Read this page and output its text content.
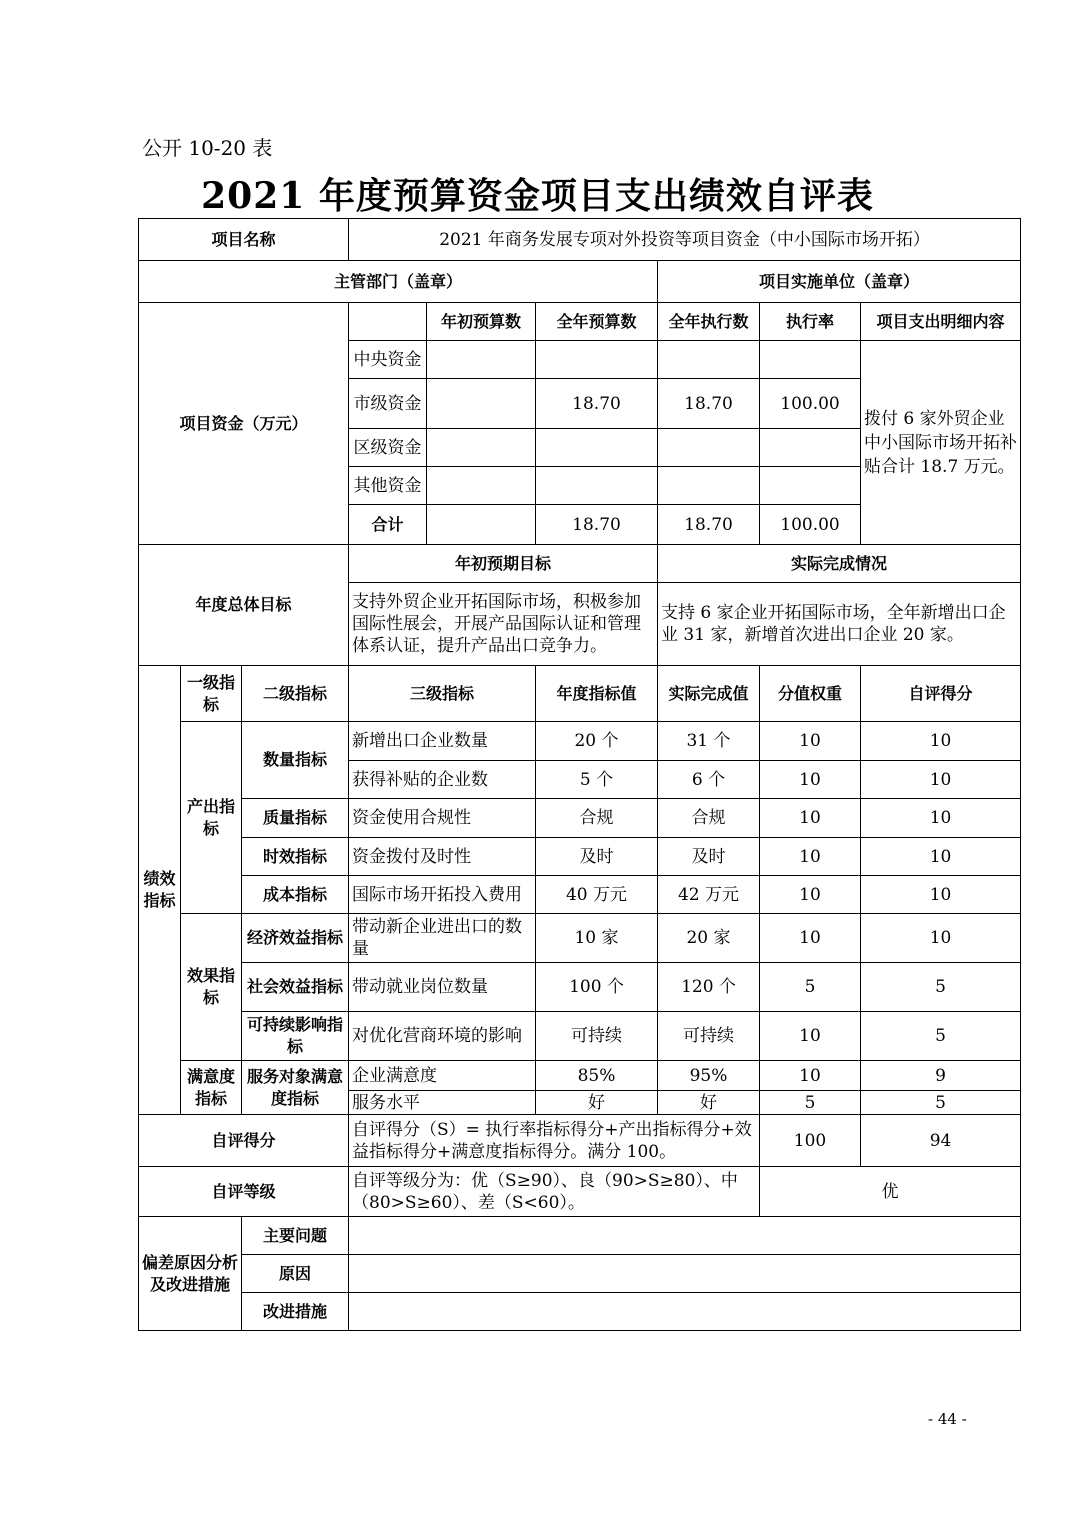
公开 10-20 表
2021 年度预算资金项目支出绩效自评表
项目名称			2021 年商务发展专项对外投资等项目资金（中小国际市场开拓）					
主管部门（盖章）						项目实施单位（盖章）		
项目资金（万元）				年初预算数	全年预算数	全年执行数	执行率	项目支出明细内容
			中央资金					拨付 6 家外贸企业中小国际市场开拓补贴合计 18.7 万元。
			市级资金		18.70	18.70	100.00	
			区级资金					
			其他资金					
			合计		18.70	18.70	100.00	
年度总体目标			年初预期目标			实际完成情况		
			支持外贸企业开拓国际市场，积极参加国际性展会，开展产品国际认证和管理体系认证，提升产品出口竞争力。			支持 6 家企业开拓国际市场，全年新增出口企业 31 家，新增首次进出口企业 20 家。		
绩效指标	一级指标	二级指标	三级指标		年度指标值	实际完成值	分值权重	自评得分
	产出指标	数量指标	新增出口企业数量		20 个	31 个	10	10
			获得补贴的企业数		5 个	6 个	10	10
		质量指标	资金使用合规性		合规	合规	10	10
		时效指标	资金拨付及时性		及时	及时	10	10
		成本指标	国际市场开拓投入费用		40 万元	42 万元	10	10
	效果指标	经济效益指标	带动新企业进出口的数量		10 家	20 家	10	10
		社会效益指标	带动就业岗位数量		100 个	120 个	5	5
		可持续影响指标	对优化营商环境的影响		可持续	可持续	10	5
	满意度指标	服务对象满意度指标	企业满意度		85%	95%	10	9
			服务水平		好	好	5	5
自评得分			自评得分（S）= 执行率指标得分+产出指标得分+效益指标得分+满意度指标得分。满分 100。				100	94
自评等级			自评等级分为：优（S≥90）、良（90>S≥80）、中（80>S≥60）、差（S<60）。				优	
偏差原因分析及改进措施		主要问题						
		原因						
		改进措施						
- 44 -
